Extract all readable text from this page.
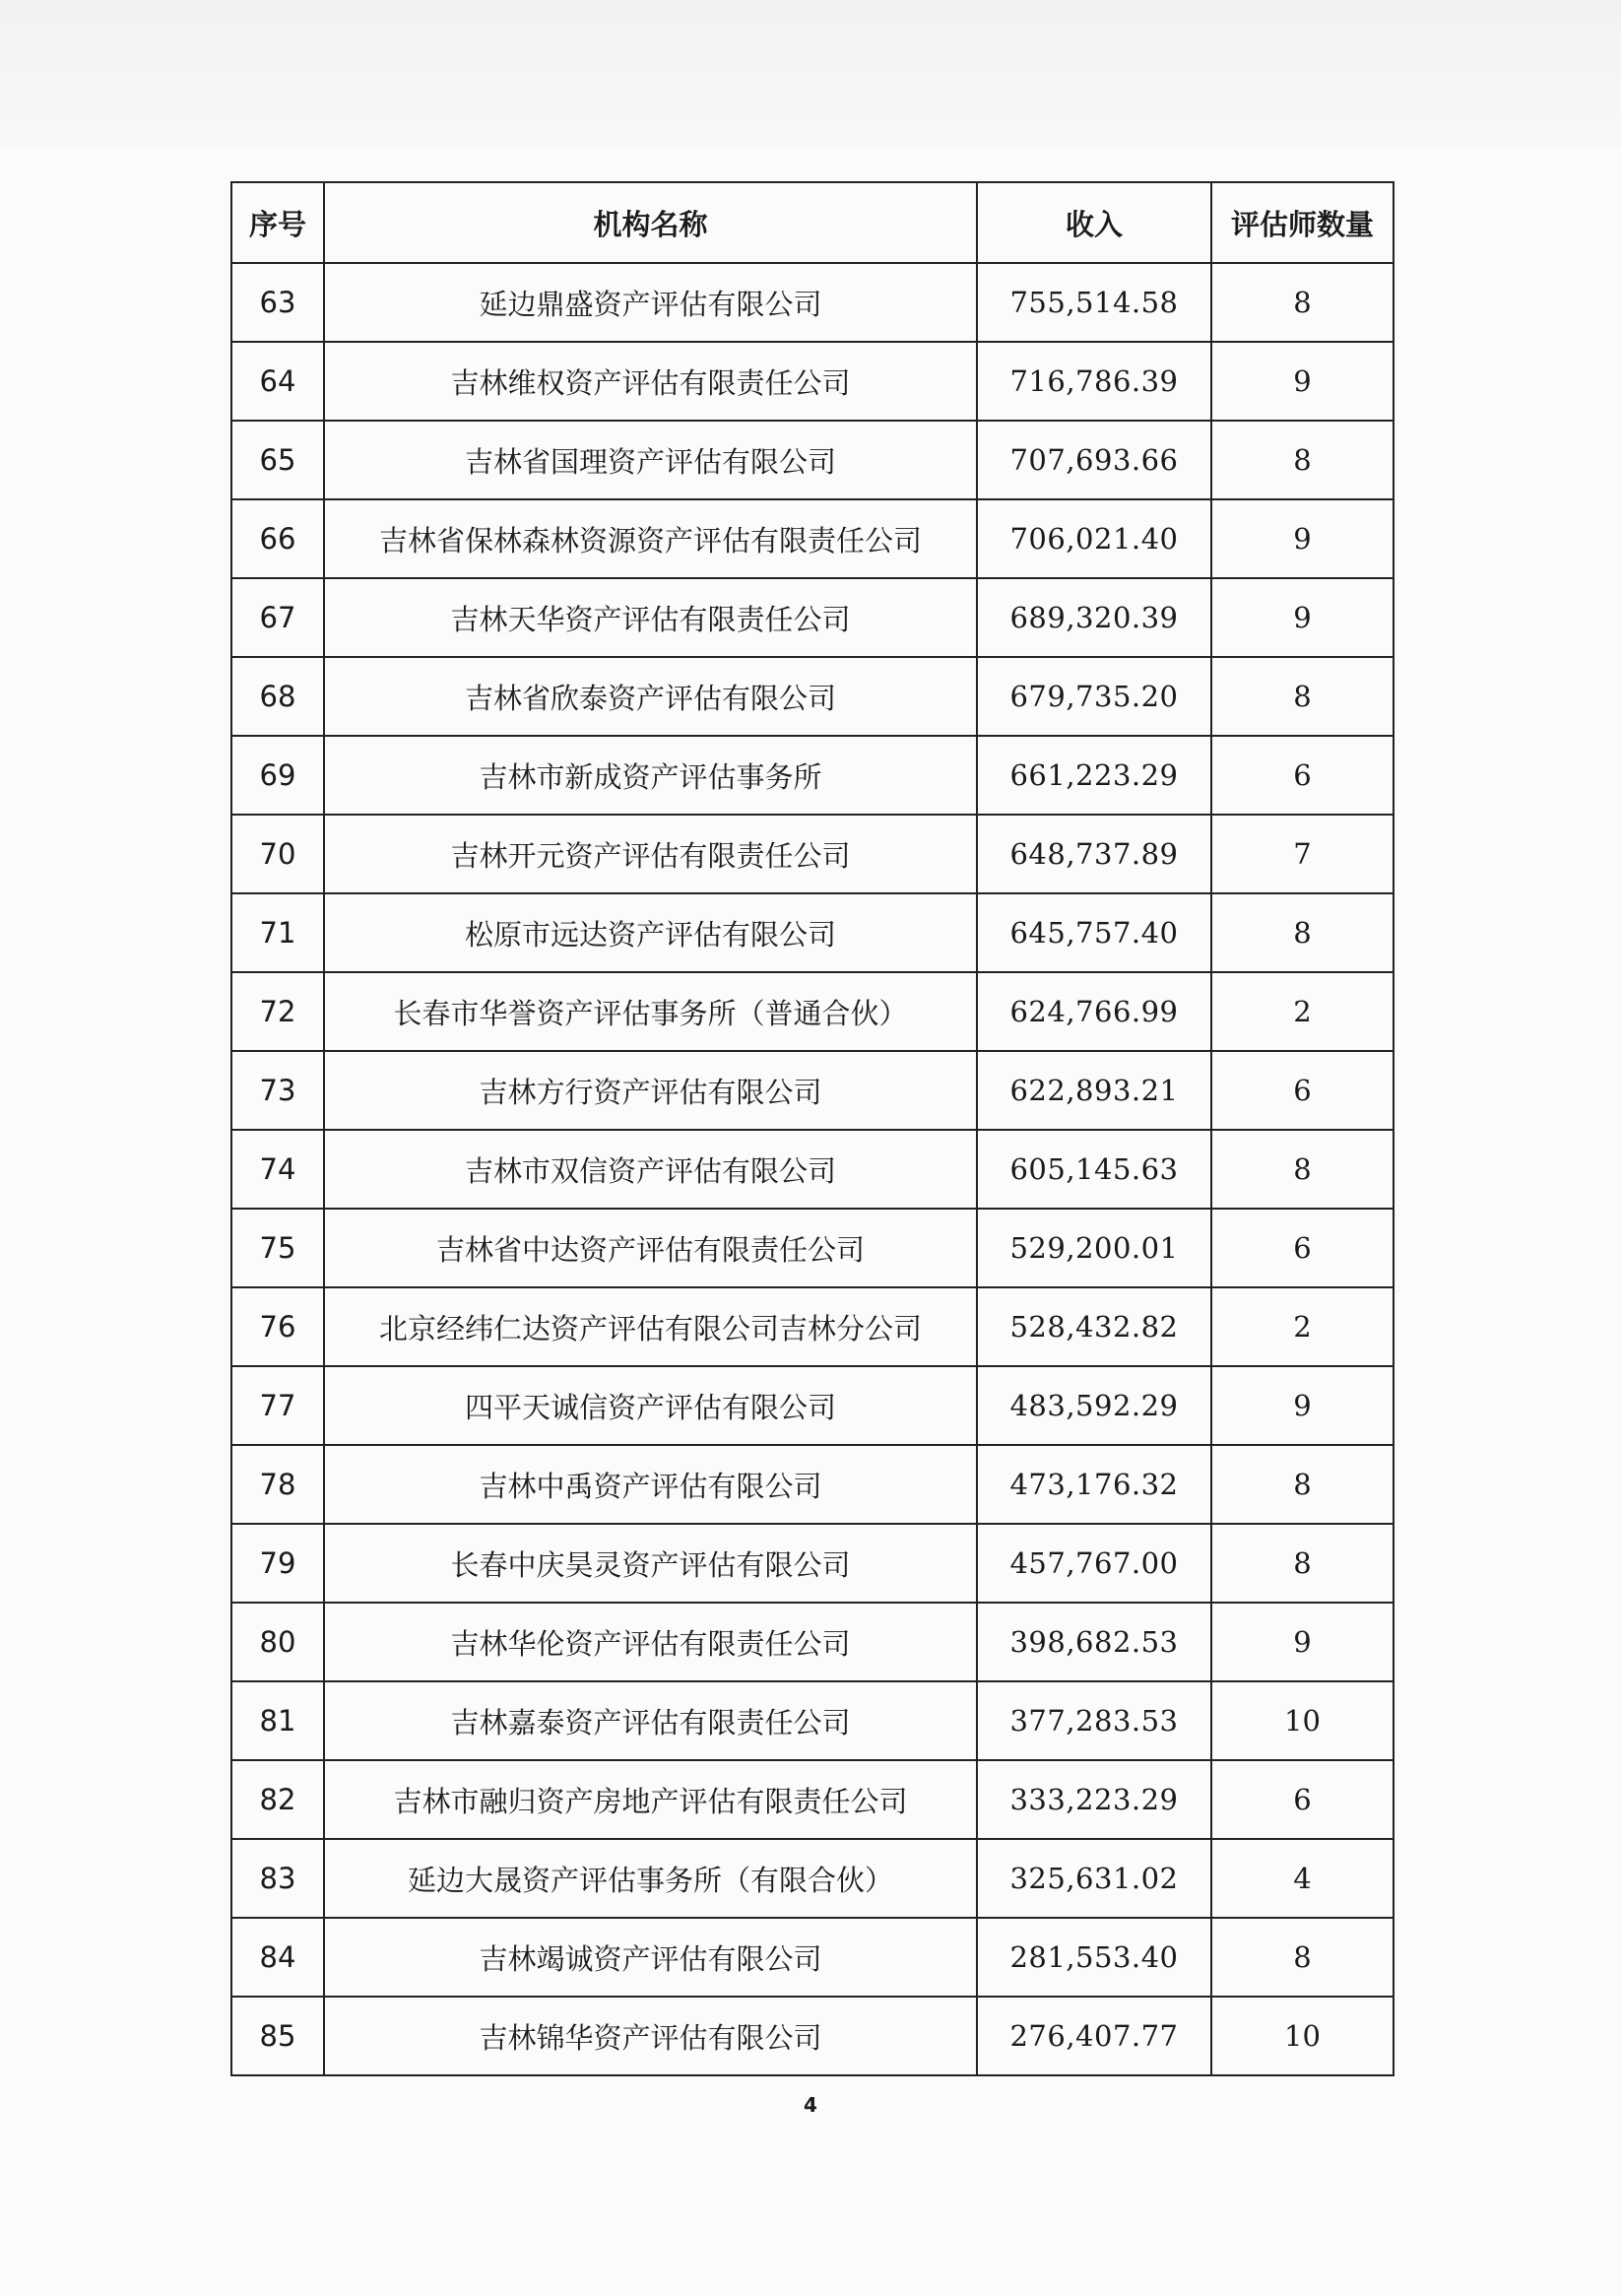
序号	机构名称	收入	评估师数量
63	延边鼎盛资产评估有限公司	755,514.58	8
64	吉林维权资产评估有限责任公司	716,786.39	9
65	吉林省国理资产评估有限公司	707,693.66	8
66	吉林省保林森林资源资产评估有限责任公司	706,021.40	9
67	吉林天华资产评估有限责任公司	689,320.39	9
68	吉林省欣泰资产评估有限公司	679,735.20	8
69	吉林市新成资产评估事务所	661,223.29	6
70	吉林开元资产评估有限责任公司	648,737.89	7
71	松原市远达资产评估有限公司	645,757.40	8
72	长春市华誉资产评估事务所（普通合伙）	624,766.99	2
73	吉林方行资产评估有限公司	622,893.21	6
74	吉林市双信资产评估有限公司	605,145.63	8
75	吉林省中达资产评估有限责任公司	529,200.01	6
76	北京经纬仁达资产评估有限公司吉林分公司	528,432.82	2
77	四平天诚信资产评估有限公司	483,592.29	9
78	吉林中禹资产评估有限公司	473,176.32	8
79	长春中庆昊灵资产评估有限公司	457,767.00	8
80	吉林华伦资产评估有限责任公司	398,682.53	9
81	吉林嘉泰资产评估有限责任公司	377,283.53	10
82	吉林市融归资产房地产评估有限责任公司	333,223.29	6
83	延边大晟资产评估事务所（有限合伙）	325,631.02	4
84	吉林竭诚资产评估有限公司	281,553.40	8
85	吉林锦华资产评估有限公司	276,407.77	10
4
